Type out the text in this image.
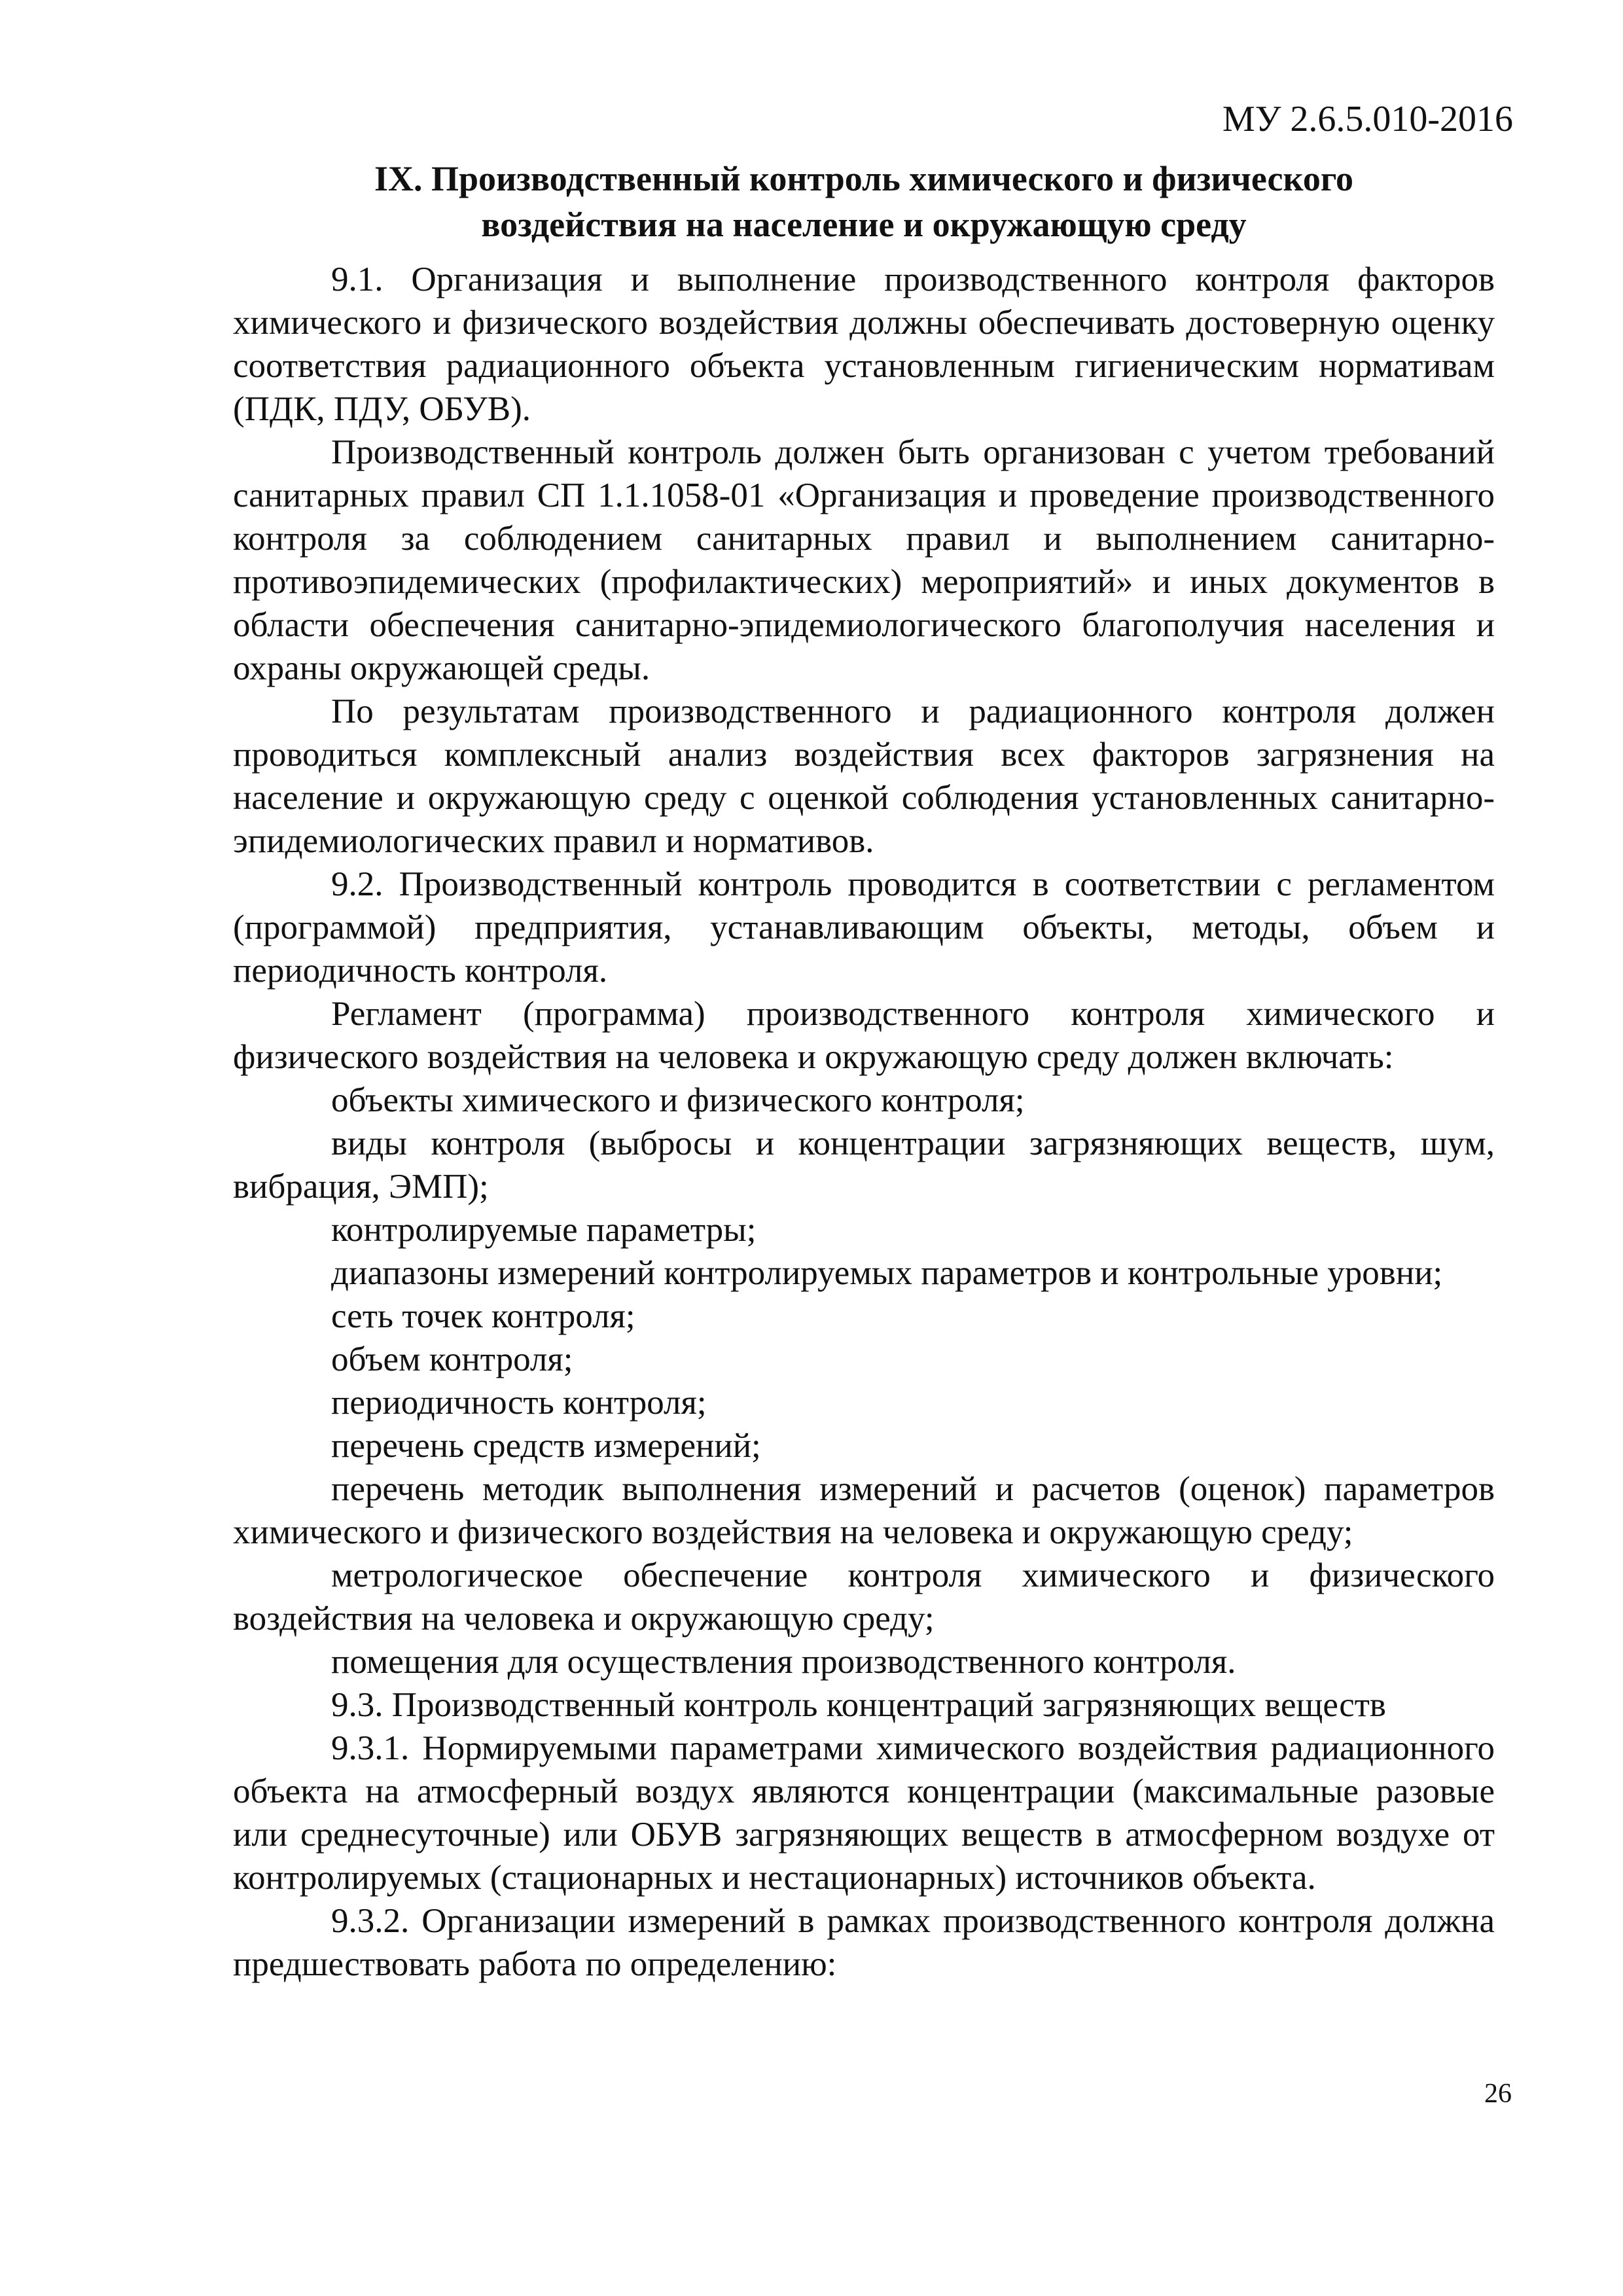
МУ 2.6.5.010-2016
IX. Производственный контроль химического и физического
воздействия на население и окружающую среду

9.1. Организация и выполнение производственного контроля факторов химического и физического воздействия должны обеспечивать достоверную оценку соответствия радиационного объекта установленным гигиеническим нормативам (ПДК, ПДУ, ОБУВ).

Производственный контроль должен быть организован с учетом требований санитарных правил СП 1.1.1058-01 «Организация и проведение производственного контроля за соблюдением санитарных правил и выполнением санитарно-противоэпидемических (профилактических) мероприятий» и иных документов в области обеспечения санитарно-эпидемиологического благополучия населения и охраны окружающей среды.

По результатам производственного и радиационного контроля должен проводиться комплексный анализ воздействия всех факторов загрязнения на население и окружающую среду с оценкой соблюдения установленных санитарно-эпидемиологических правил и нормативов.

9.2. Производственный контроль проводится в соответствии с регламентом (программой) предприятия, устанавливающим объекты, методы, объем и периодичность контроля.

Регламент (программа) производственного контроля химического и физического воздействия на человека и окружающую среду должен включать:

объекты химического и физического контроля;
виды контроля (выбросы и концентрации загрязняющих веществ, шум, вибрация, ЭМП);
контролируемые параметры;
диапазоны измерений контролируемых параметров и контрольные уровни;
сеть точек контроля;
объем контроля;
периодичность контроля;
перечень средств измерений;
перечень методик выполнения измерений и расчетов (оценок) параметров химического и физического воздействия на человека и окружающую среду;
метрологическое обеспечение контроля химического и физического воздействия на человека и окружающую среду;
помещения для осуществления производственного контроля.

9.3. Производственный контроль концентраций загрязняющих веществ

9.3.1. Нормируемыми параметрами химического воздействия радиационного объекта на атмосферный воздух являются концентрации (максимальные разовые или среднесуточные) или ОБУВ загрязняющих веществ в атмосферном воздухе от контролируемых (стационарных и нестационарных) источников объекта.

9.3.2. Организации измерений в рамках производственного контроля должна предшествовать работа по определению:

26
